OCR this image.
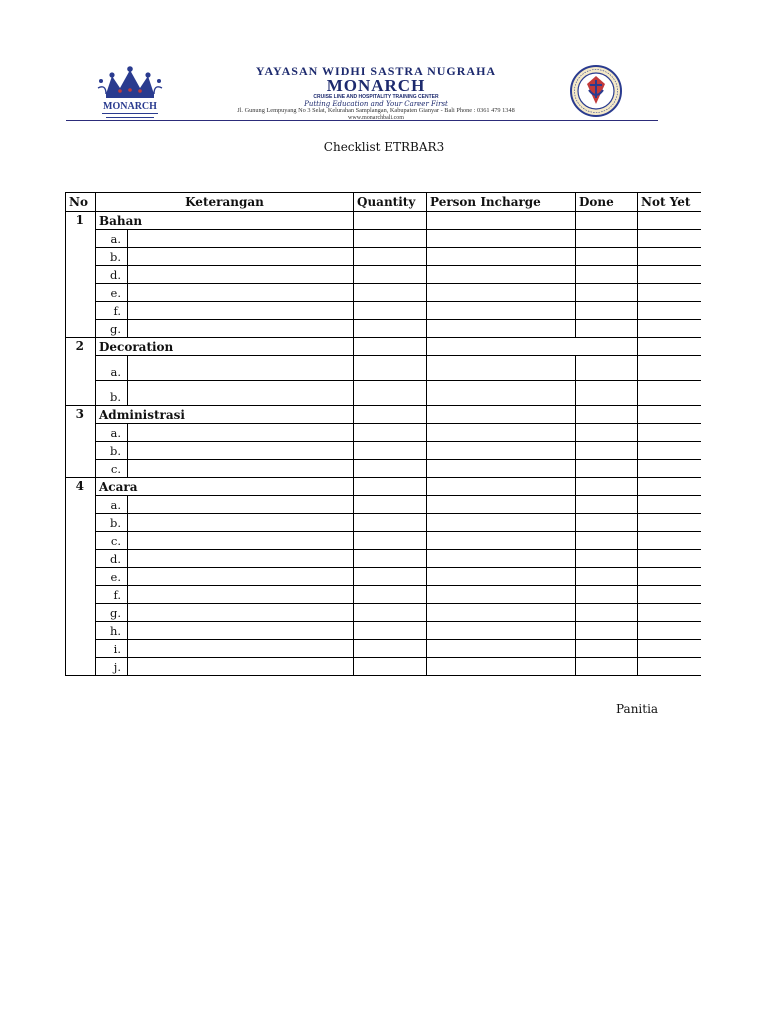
MONARCH
YAYASAN WIDHI SASTRA NUGRAHA
MONARCH
CRUISE LINE AND HOSPITALITY TRAINING CENTER
Putting Education and Your Career First
Jl. Gunung Lempuyang No 3 Selat, Kelurahan Samplangan, Kabupaten Gianyar - Bali Phone : 0361 479 1348
www.monarchbali.com
Checklist ETRBAR3
No	Keterangan		Quantity	Person Incharge	Done	Not Yet
1	Bahan					
	a.					
	b.					
	d.					
	e.					
	f.					
	g.					
2	Decoration					
	a.					
	b.					
3	Administrasi					
	a.					
	b.					
	c.					
4	Acara					
	a.					
	b.					
	c.					
	d.					
	e.					
	f.					
	g.					
	h.					
	i.					
	j.					
Panitia
